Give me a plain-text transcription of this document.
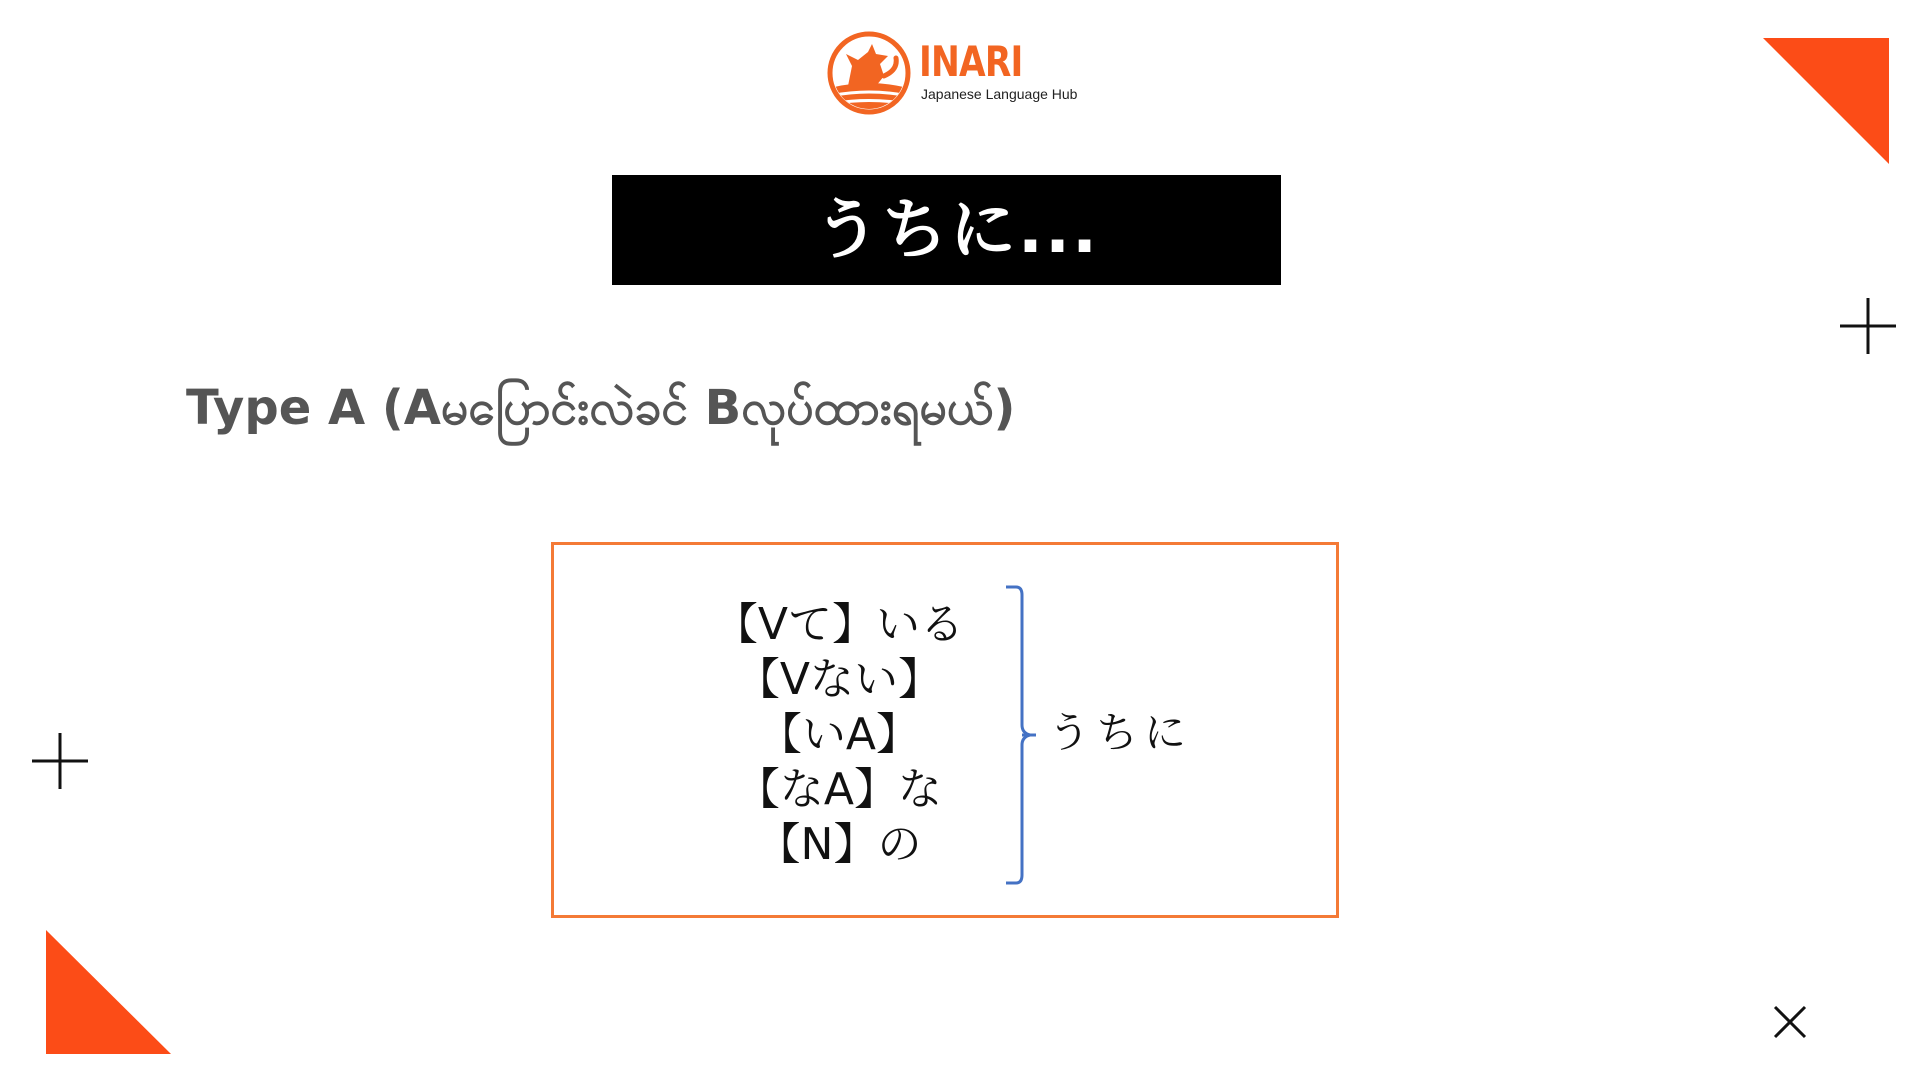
INARI
Japanese Language Hub
うちに...
Type A (Aမပြောင်းလဲခင် Bလုပ်ထားရမယ်)
【Vて】いる
【Vない】
【いA】
【なA】な
【N】の
うちに
